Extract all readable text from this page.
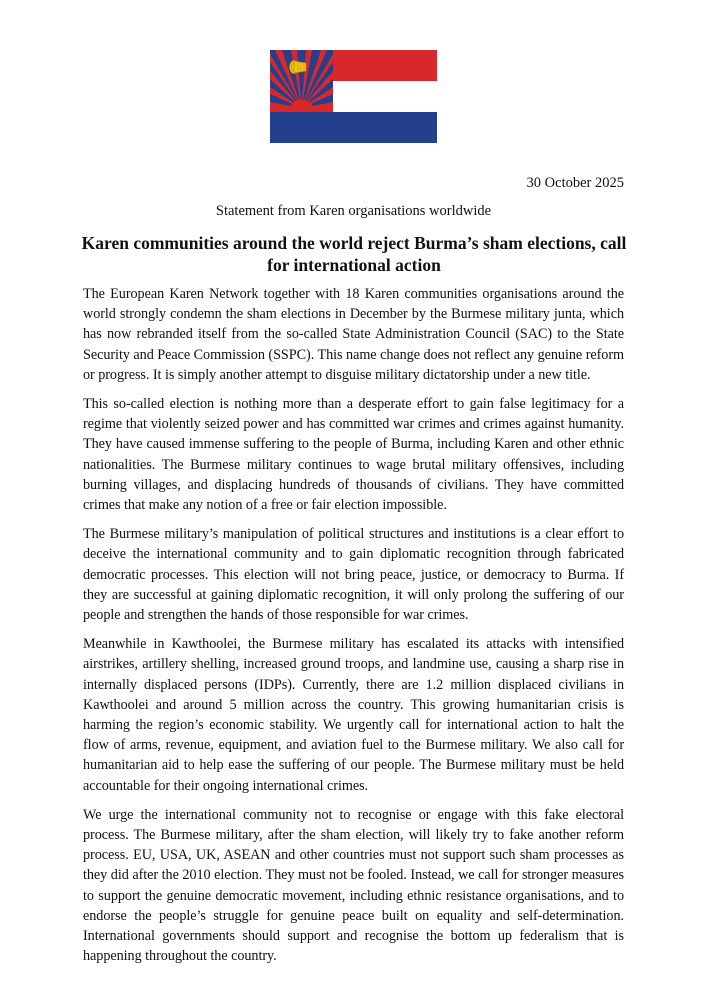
30 October 2025
Statement from Karen organisations worldwide
Karen communities around the world reject Burma’s sham elections, call for international action

The European Karen Network together with 18 Karen communities organisations around the world strongly condemn the sham elections in December by the Burmese military junta, which has now rebranded itself from the so-called State Administration Council (SAC) to the State Security and Peace Commission (SSPC). This name change does not reflect any genuine reform or progress. It is simply another attempt to disguise military dictatorship under a new title.

This so-called election is nothing more than a desperate effort to gain false legitimacy for a regime that violently seized power and has committed war crimes and crimes against humanity. They have caused immense suffering to the people of Burma, including Karen and other ethnic nationalities. The Burmese military continues to wage brutal military offensives, including burning villages, and displacing hundreds of thousands of civilians. They have committed crimes that make any notion of a free or fair election impossible.

The Burmese military’s manipulation of political structures and institutions is a clear effort to deceive the international community and to gain diplomatic recognition through fabricated democratic processes. This election will not bring peace, justice, or democracy to Burma. If they are successful at gaining diplomatic recognition, it will only prolong the suffering of our people and strengthen the hands of those responsible for war crimes.

Meanwhile in Kawthoolei, the Burmese military has escalated its attacks with intensified airstrikes, artillery shelling, increased ground troops, and landmine use, causing a sharp rise in internally displaced persons (IDPs). Currently, there are 1.2 million displaced civilians in Kawthoolei and around 5 million across the country. This growing humanitarian crisis is harming the region’s economic stability. We urgently call for international action to halt the flow of arms, revenue, equipment, and aviation fuel to the Burmese military. We also call for humanitarian aid to help ease the suffering of our people. The Burmese military must be held accountable for their ongoing international crimes.

We urge the international community not to recognise or engage with this fake electoral process. The Burmese military, after the sham election, will likely try to fake another reform process. EU, USA, UK, ASEAN and other countries must not support such sham processes as they did after the 2010 election. They must not be fooled. Instead, we call for stronger measures to support the genuine democratic movement, including ethnic resistance organisations, and to endorse the people’s struggle for genuine peace built on equality and self-determination. International governments should support and recognise the bottom up federalism that is happening throughout the country.
